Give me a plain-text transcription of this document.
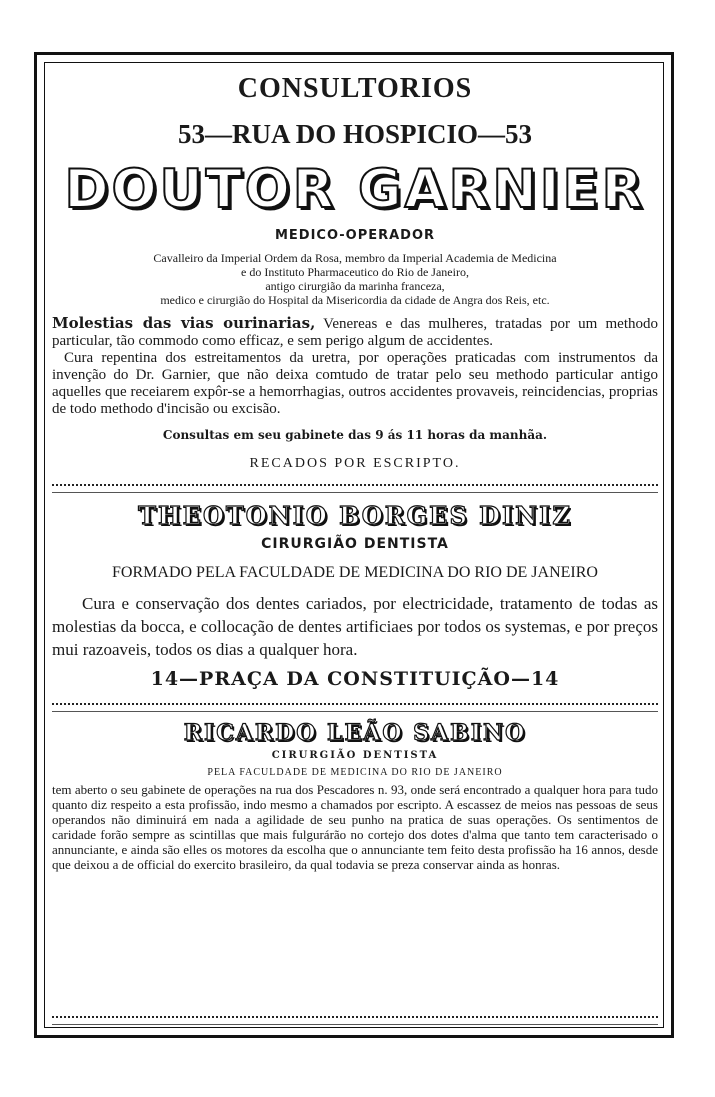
CONSULTORIOS
53—RUA DO HOSPICIO—53
DOUTOR GARNIER
MEDICO-OPERADOR
Cavalleiro da Imperial Ordem da Rosa, membro da Imperial Academia de Medicina
e do Instituto Pharmaceutico do Rio de Janeiro,
antigo cirurgião da marinha franceza,
medico e cirurgião do Hospital da Misericordia da cidade de Angra dos Reis, etc.
Molestias das vias ourinarias, Venereas e das mulheres, tratadas por um methodo particular, tão commodo como efficaz, e sem perigo algum de accidentes.
Cura repentina dos estreitamentos da uretra, por operações praticadas com instrumentos da invenção do Dr. Garnier, que não deixa comtudo de tratar pelo seu methodo particular antigo aquelles que receiarem expôr-se a hemorrhagias, outros accidentes provaveis, reincidencias, proprias de todo methodo d'incisão ou excisão.
Consultas em seu gabinete das 9 ás 11 horas da manhãa.
RECADOS POR ESCRIPTO.
THEOTONIO BORGES DINIZ
CIRURGIÃO DENTISTA
FORMADO PELA FACULDADE DE MEDICINA DO RIO DE JANEIRO
Cura e conservação dos dentes cariados, por electricidade, tratamento de todas as molestias da bocca, e collocação de dentes artificiaes por todos os systemas, e por preços mui razoaveis, todos os dias a qualquer hora.
14—PRAÇA DA CONSTITUIÇÃO—14
RICARDO LEÃO SABINO
CIRURGIÃO DENTISTA
PELA FACULDADE DE MEDICINA DO RIO DE JANEIRO
tem aberto o seu gabinete de operações na rua dos Pescadores n. 93, onde será encontrado a qualquer hora para tudo quanto diz respeito a esta profissão, indo mesmo a chamados por escripto. A escassez de meios nas pessoas de seus operandos não diminuirá em nada a agilidade de seu punho na pratica de suas operações. Os sentimentos de caridade forão sempre as scintillas que mais fulgurárão no cortejo dos dotes d'alma que tanto tem caracterisado o annunciante, e ainda são elles os motores da escolha que o annunciante tem feito desta profissão ha 16 annos, desde que deixou a de official do exercito brasileiro, da qual todavia se preza conservar ainda as honras.
